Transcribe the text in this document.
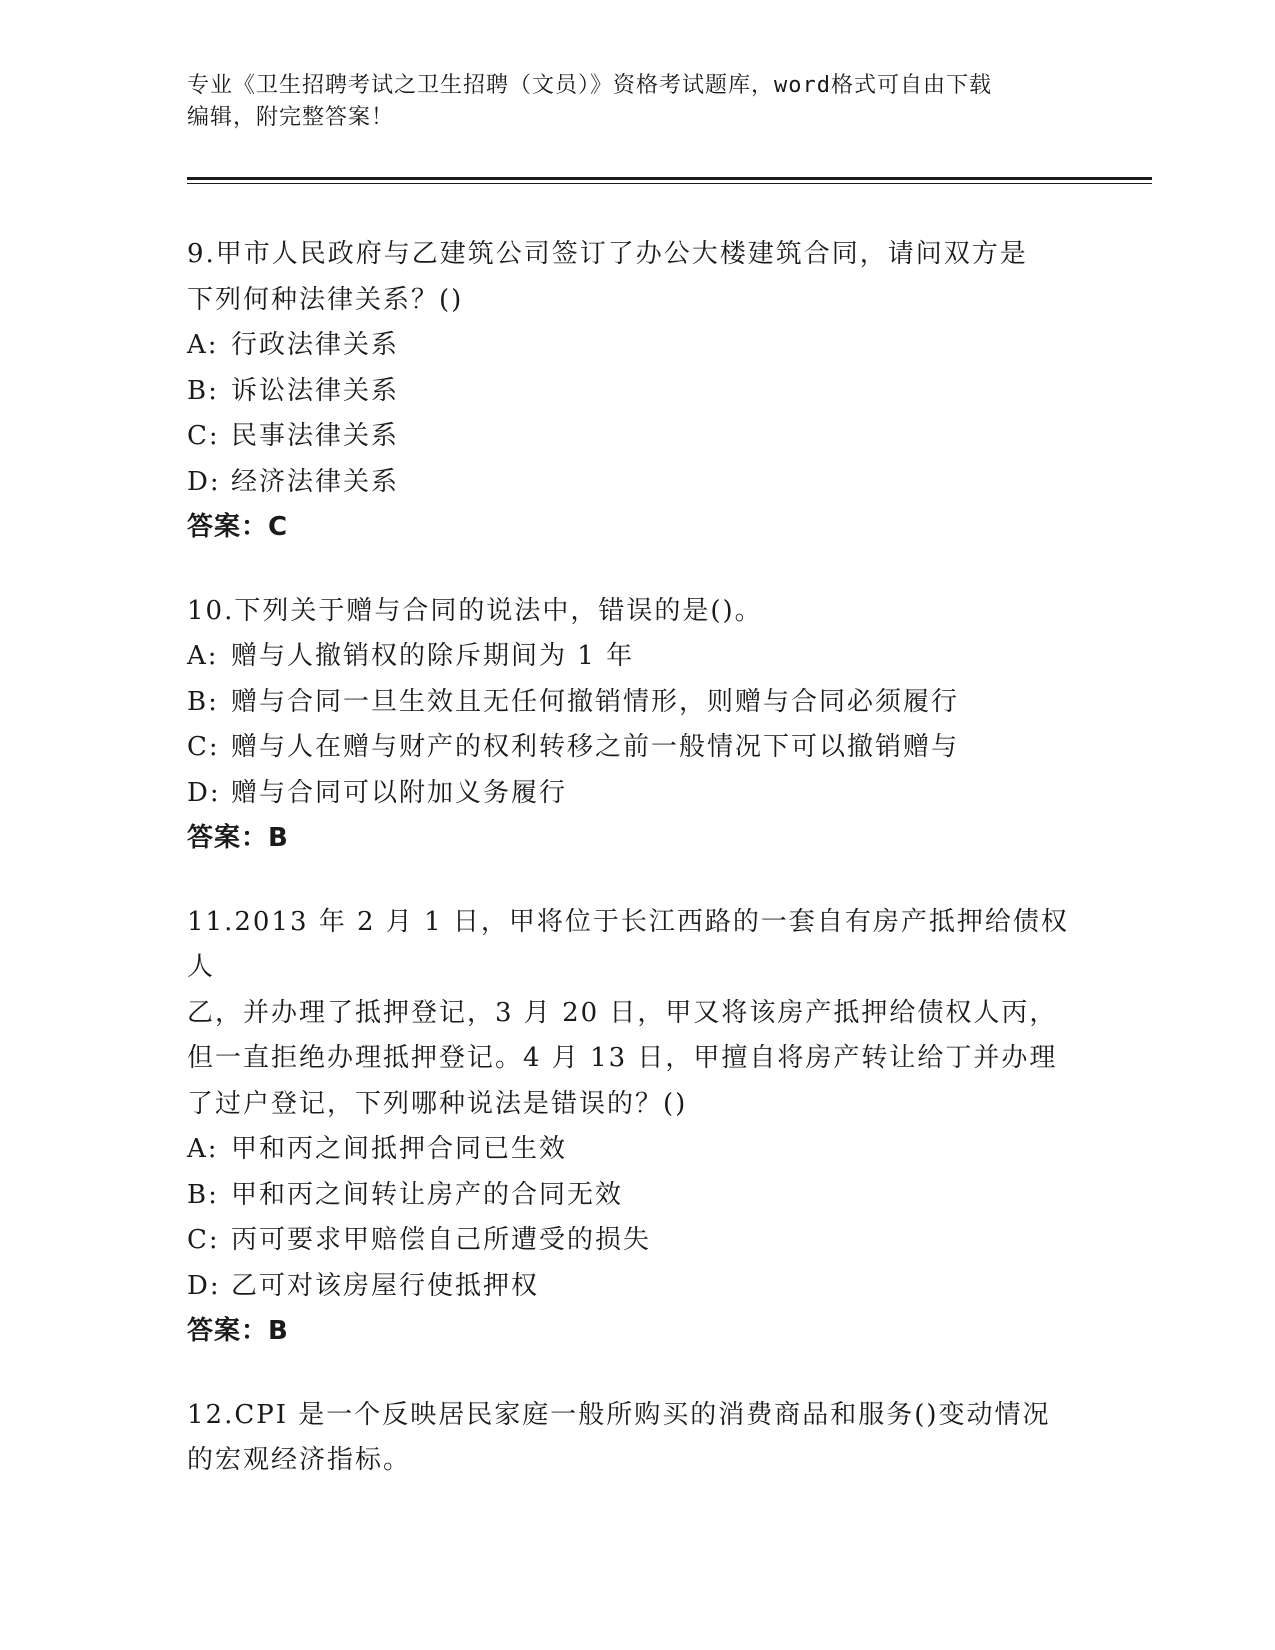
专业《卫生招聘考试之卫生招聘（文员）》资格考试题库，word格式可自由下载
编辑，附完整答案！
9.甲市人民政府与乙建筑公司签订了办公大楼建筑合同，请问双方是
下列何种法律关系？()
A: 行政法律关系
B: 诉讼法律关系
C: 民事法律关系
D: 经济法律关系
答案：C
10.下列关于赠与合同的说法中，错误的是()。
A: 赠与人撤销权的除斥期间为 1 年
B: 赠与合同一旦生效且无任何撤销情形，则赠与合同必须履行
C: 赠与人在赠与财产的权利转移之前一般情况下可以撤销赠与
D: 赠与合同可以附加义务履行
答案：B
11.2013 年 2 月 1 日，甲将位于长江西路的一套自有房产抵押给债权人
乙，并办理了抵押登记，3 月 20 日，甲又将该房产抵押给债权人丙，
但一直拒绝办理抵押登记。4 月 13 日，甲擅自将房产转让给丁并办理
了过户登记，下列哪种说法是错误的？()
A: 甲和丙之间抵押合同已生效
B: 甲和丙之间转让房产的合同无效
C: 丙可要求甲赔偿自己所遭受的损失
D: 乙可对该房屋行使抵押权
答案：B
12.CPI 是一个反映居民家庭一般所购买的消费商品和服务()变动情况
的宏观经济指标。
